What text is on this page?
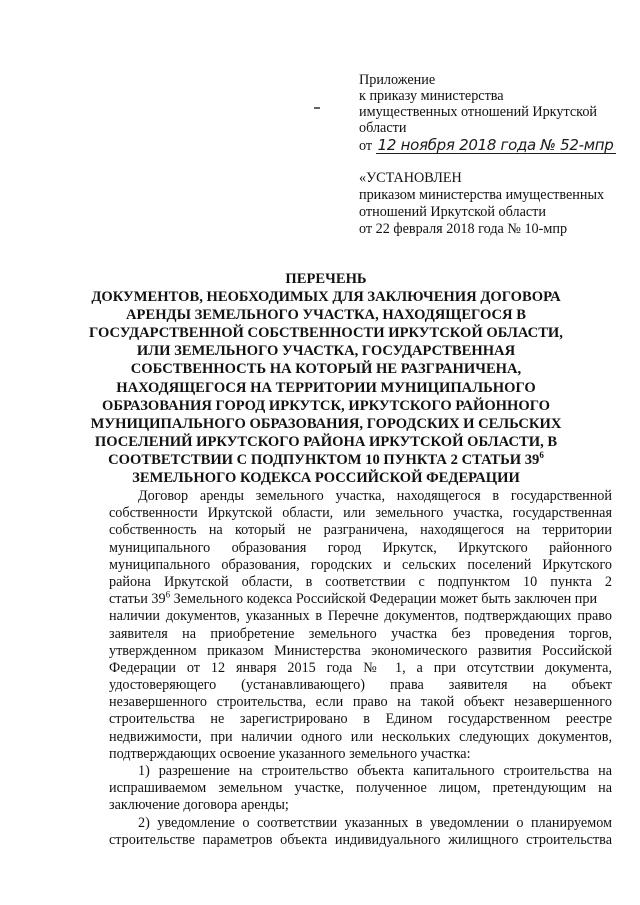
Приложение
к приказу министерства
имущественных отношений Иркутской
области
от 12 ноября 2018 года № 52-мпр
«УСТАНОВЛЕН
приказом министерства имущественных
отношений Иркутской области
от 22 февраля 2018 года № 10-мпр
ПЕРЕЧЕНЬ
ДОКУМЕНТОВ, НЕОБХОДИМЫХ ДЛЯ ЗАКЛЮЧЕНИЯ ДОГОВОРА
АРЕНДЫ ЗЕМЕЛЬНОГО УЧАСТКА, НАХОДЯЩЕГОСЯ В
ГОСУДАРСТВЕННОЙ СОБСТВЕННОСТИ ИРКУТСКОЙ ОБЛАСТИ,
ИЛИ ЗЕМЕЛЬНОГО УЧАСТКА, ГОСУДАРСТВЕННАЯ
СОБСТВЕННОСТЬ НА КОТОРЫЙ НЕ РАЗГРАНИЧЕНА,
НАХОДЯЩЕГОСЯ НА ТЕРРИТОРИИ МУНИЦИПАЛЬНОГО
ОБРАЗОВАНИЯ ГОРОД ИРКУТСК, ИРКУТСКОГО РАЙОННОГО
МУНИЦИПАЛЬНОГО ОБРАЗОВАНИЯ, ГОРОДСКИХ И СЕЛЬСКИХ
ПОСЕЛЕНИЙ ИРКУТСКОГО РАЙОНА ИРКУТСКОЙ ОБЛАСТИ, В
СООТВЕТСТВИИ С ПОДПУНКТОМ 10 ПУНКТА 2 СТАТЬИ $39^6$
ЗЕМЕЛЬНОГО КОДЕКСА РОССИЙСКОЙ ФЕДЕРАЦИИ
Договор аренды земельного участка, находящегося в государственной
собственности Иркутской области, или земельного участка, государственная
собственность на который не разграничена, находящегося на территории
муниципального образования город Иркутск, Иркутского районного
муниципального образования, городских и сельских поселений Иркутского
района Иркутской области, в соответствии с подпунктом 10 пункта 2
статьи $39^6$ Земельного кодекса Российской Федерации может быть заключен при
наличии документов, указанных в Перечне документов, подтверждающих право
заявителя на приобретение земельного участка без проведения торгов,
утвержденном приказом Министерства экономического развития Российской
Федерации от 12 января 2015 года № 1, а при отсутствии документа,
удостоверяющего (устанавливающего) права заявителя на объект
незавершенного строительства, если право на такой объект незавершенного
строительства не зарегистрировано в Едином государственном реестре
недвижимости, при наличии одного или нескольких следующих документов,
подтверждающих освоение указанного земельного участка:
1) разрешение на строительство объекта капитального строительства на
испрашиваемом земельном участке, полученное лицом, претендующим на
заключение договора аренды;
2) уведомление о соответствии указанных в уведомлении о планируемом
строительстве параметров объекта индивидуального жилищного строительства
